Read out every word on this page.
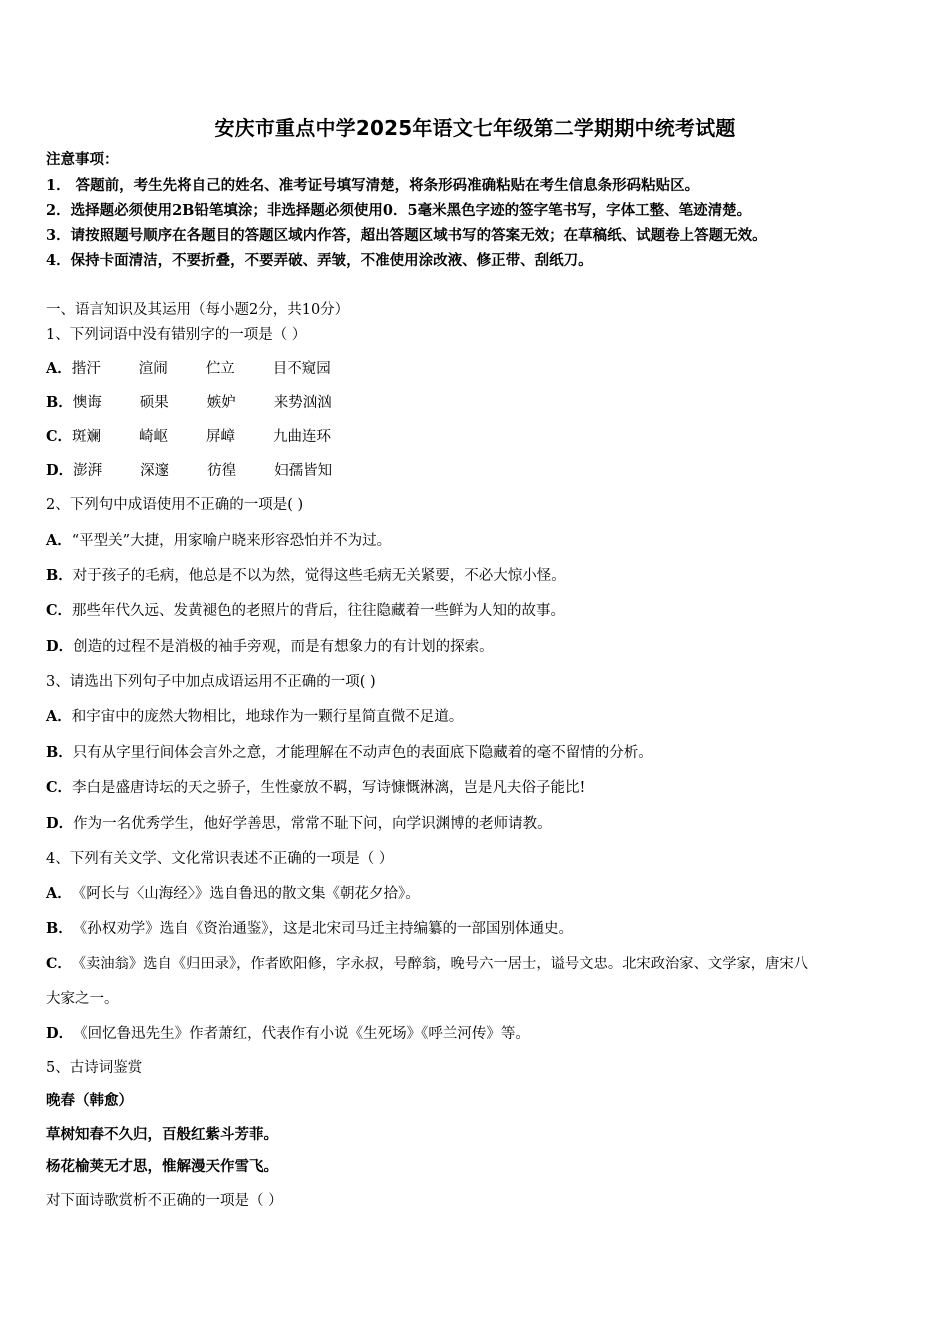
安庆市重点中学2025年语文七年级第二学期期中统考试题
注意事项：
1． 答题前，考生先将自己的姓名、准考证号填写清楚，将条形码准确粘贴在考生信息条形码粘贴区。
2．选择题必须使用2B铅笔填涂；非选择题必须使用0．5毫米黑色字迹的签字笔书写，字体工整、笔迹清楚。
3．请按照题号顺序在各题目的答题区域内作答，超出答题区域书写的答案无效；在草稿纸、试题卷上答题无效。
4．保持卡面清洁，不要折叠，不要弄破、弄皱，不准使用涂改液、修正带、刮纸刀。
一、语言知识及其运用（每小题2分，共10分）
1、下列词语中没有错别字的一项是（ ）
A．揩汗	渲闹	伫立	目不窥园
B．懊诲	硕果	嫉妒	来势汹汹
C．斑斓	崎岖	屏嶂	九曲连环
D．澎湃	深邃	彷徨	妇孺皆知
2、下列句中成语使用不正确的一项是( )
A．“平型关”大捷，用家喻户晓来形容恐怕并不为过。
B．对于孩子的毛病，他总是不以为然，觉得这些毛病无关紧要，不必大惊小怪。
C．那些年代久远、发黄褪色的老照片的背后，往往隐藏着一些鲜为人知的故事。
D．创造的过程不是消极的袖手旁观，而是有想象力的有计划的探索。
3、请选出下列句子中加点成语运用不正确的一项( )
A．和宇宙中的庞然大物相比，地球作为一颗行星简直微不足道。
B．只有从字里行间体会言外之意，才能理解在不动声色的表面底下隐藏着的毫不留情的分析。
C．李白是盛唐诗坛的天之骄子，生性豪放不羁，写诗慷慨淋漓，岂是凡夫俗子能比!
D．作为一名优秀学生，他好学善思，常常不耻下问，向学识渊博的老师请教。
4、下列有关文学、文化常识表述不正确的一项是（ ）
A．《阿长与〈山海经〉》选自鲁迅的散文集《朝花夕拾》。
B．《孙权劝学》选自《资治通鉴》，这是北宋司马迁主持编纂的一部国别体通史。
C．《卖油翁》选自《归田录》，作者欧阳修，字永叔，号醉翁，晚号六一居士，谥号文忠。北宋政治家、文学家，唐宋八
大家之一。
D．《回忆鲁迅先生》作者萧红，代表作有小说《生死场》《呼兰河传》等。
5、古诗词鉴赏
晚春（韩愈）
草树知春不久归，百般红紫斗芳菲。
杨花榆荚无才思，惟解漫天作雪飞。
对下面诗歌赏析不正确的一项是（ ）
